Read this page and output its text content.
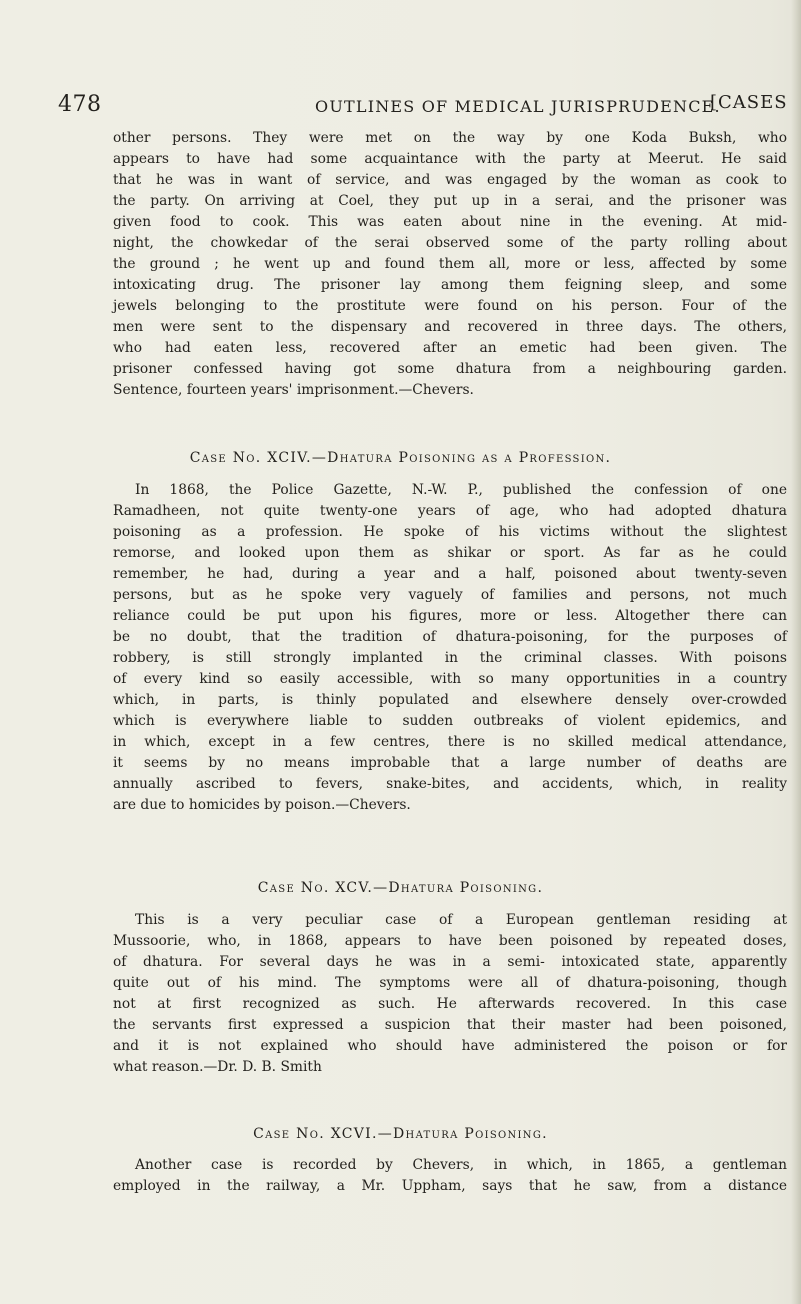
478	OUTLINES OF MEDICAL JURISPRUDENCE.
[CASES
other persons. They were met on the way by one Koda Buksh, who
appears to have had some acquaintance with the party at Meerut. He said
that he was in want of service, and was engaged by the woman as cook to
the party. On arriving at Coel, they put up in a serai, and the prisoner was
given food to cook. This was eaten about nine in the evening. At mid-
night, the chowkedar of the serai observed some of the party rolling about
the ground ; he went up and found them all, more or less, affected by some
intoxicating drug. The prisoner lay among them feigning sleep, and some
jewels belonging to the prostitute were found on his person. Four of the
men were sent to the dispensary and recovered in three days. The others,
who had eaten less, recovered after an emetic had been given. The
prisoner confessed having got some dhatura from a neighbouring garden.
Sentence, fourteen years' imprisonment.—Chevers.
Case No. XCIV.—Dhatura Poisoning as a Profession.
In 1868, the Police Gazette, N.-W. P., published the confession of one
Ramadheen, not quite twenty-one years of age, who had adopted dhatura
poisoning as a profession. He spoke of his victims without the slightest
remorse, and looked upon them as shikar or sport. As far as he could
remember, he had, during a year and a half, poisoned about twenty-seven
persons, but as he spoke very vaguely of families and persons, not much
reliance could be put upon his figures, more or less. Altogether there can
be no doubt, that the tradition of dhatura-poisoning, for the purposes of
robbery, is still strongly implanted in the criminal classes. With poisons
of every kind so easily accessible, with so many opportunities in a country
which, in parts, is thinly populated and elsewhere densely over-crowded
which is everywhere liable to sudden outbreaks of violent epidemics, and
in which, except in a few centres, there is no skilled medical attendance,
it seems by no means improbable that a large number of deaths are
annually ascribed to fevers, snake-bites, and accidents, which, in reality
are due to homicides by poison.—Chevers.
Case No. XCV.—Dhatura Poisoning.
This is a very peculiar case of a European gentleman residing at
Mussoorie, who, in 1868, appears to have been poisoned by repeated doses,
of dhatura. For several days he was in a semi- intoxicated state, apparently
quite out of his mind. The symptoms were all of dhatura-poisoning, though
not at first recognized as such. He afterwards recovered. In this case
the servants first expressed a suspicion that their master had been poisoned,
and it is not explained who should have administered the poison or for
what reason.—Dr. D. B. Smith
Case No. XCVI.—Dhatura Poisoning.
Another case is recorded by Chevers, in which, in 1865, a gentleman
employed in the railway, a Mr. Uppham, says that he saw, from a distance
